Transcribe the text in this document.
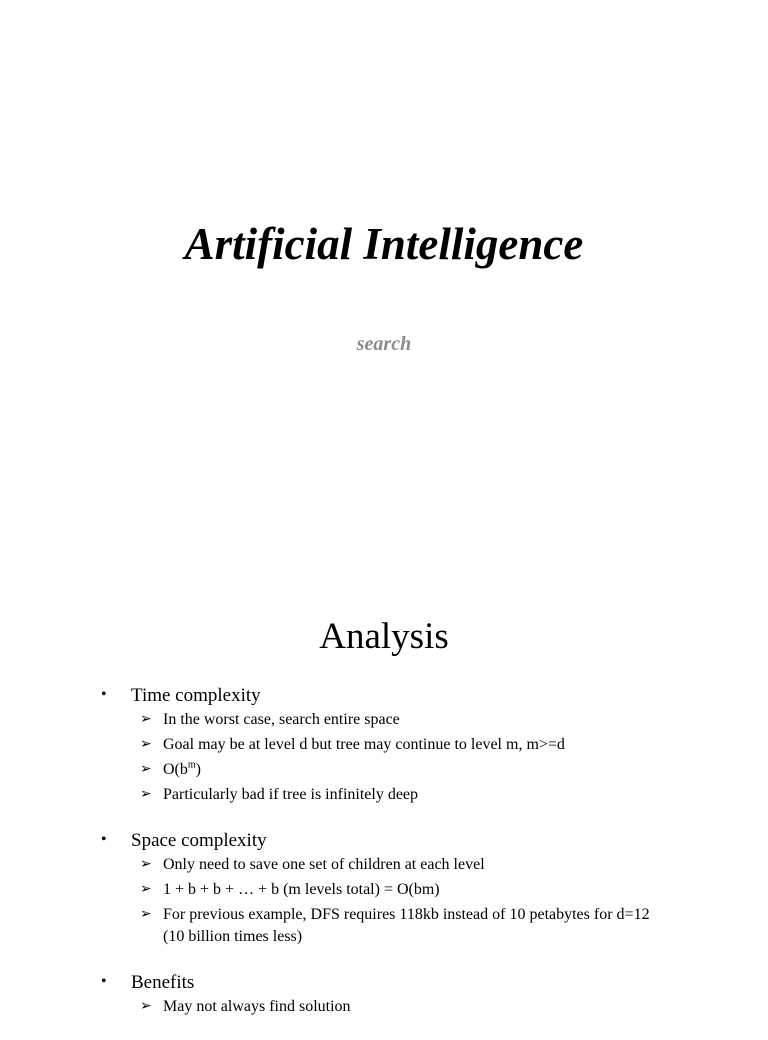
Artificial Intelligence
search
Analysis
• Time complexity
➢ In the worst case, search entire space
➢ Goal may be at level d but tree may continue to level m, m>=d
➢ $O(b^m)$
➢ Particularly bad if tree is infinitely deep
• Space complexity
➢ Only need to save one set of children at each level
➢ 1 + b + b + … + b (m levels total) = O(bm)
➢ For previous example, DFS requires 118kb instead of 10 petabytes for d=12 (10 billion times less)
• Benefits
➢ May not always find solution
